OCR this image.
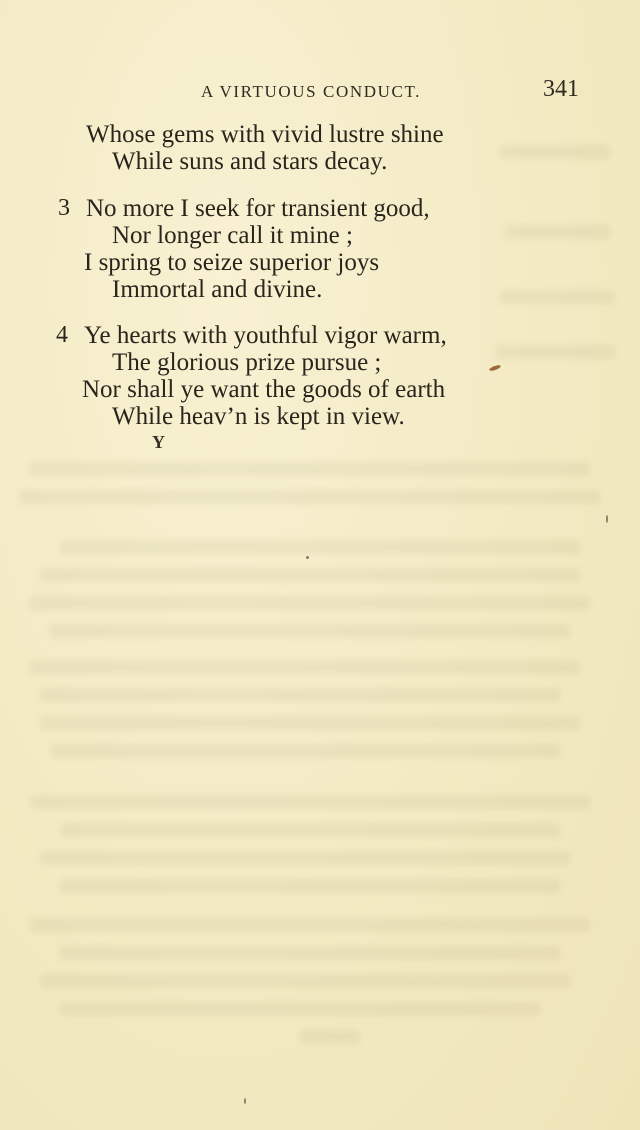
A VIRTUOUS CONDUCT.	341
Whose gems with vivid lustre shine
While suns and stars decay.
3 No more I seek for transient good,
Nor longer call it mine ;
I spring to seize superior joys
Immortal and divine.
4 Ye hearts with youthful vigor warm,
The glorious prize pursue ;
Nor shall ye want the goods of earth
While heav’n is kept in view.
Y
